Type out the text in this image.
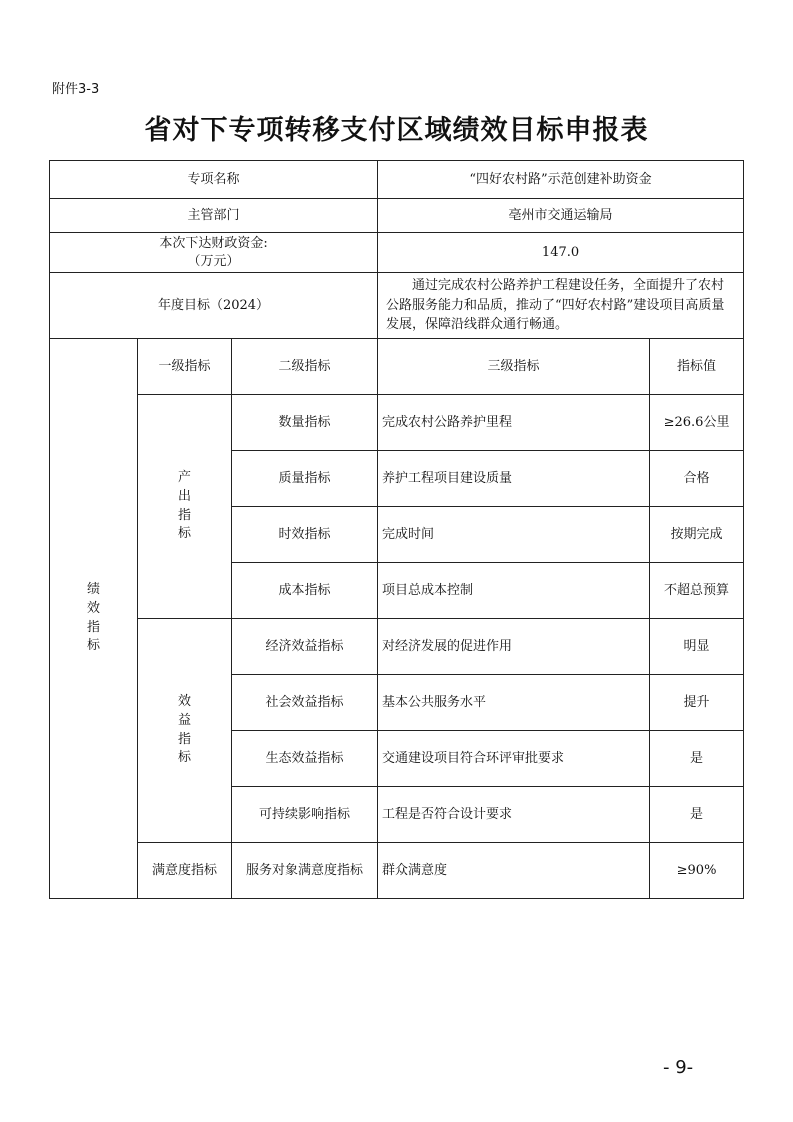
附件3-3
省对下专项转移支付区域绩效目标申报表
专项名称			“四好农村路”示范创建补助资金	
主管部门			亳州市交通运输局	

本次下达财政资金:
（万元）			147.0	
年度目标（2024）			通过完成农村公路养护工程建设任务，全面提升了农村公路服务能力和品质，推动了“四好农村路”建设项目高质量发展，保障沿线群众通行畅通。	
绩效指标	一级指标	二级指标	三级指标	指标值
	产出指标	数量指标	完成农村公路养护里程	≥26.6公里
		质量指标	养护工程项目建设质量	合格
		时效指标	完成时间	按期完成
		成本指标	项目总成本控制	不超总预算
	效益指标	经济效益指标	对经济发展的促进作用	明显
		社会效益指标	基本公共服务水平	提升
		生态效益指标	交通建设项目符合环评审批要求	是
		可持续影响指标	工程是否符合设计要求	是
	满意度指标	服务对象满意度指标	群众满意度	≥90%
- 9-
